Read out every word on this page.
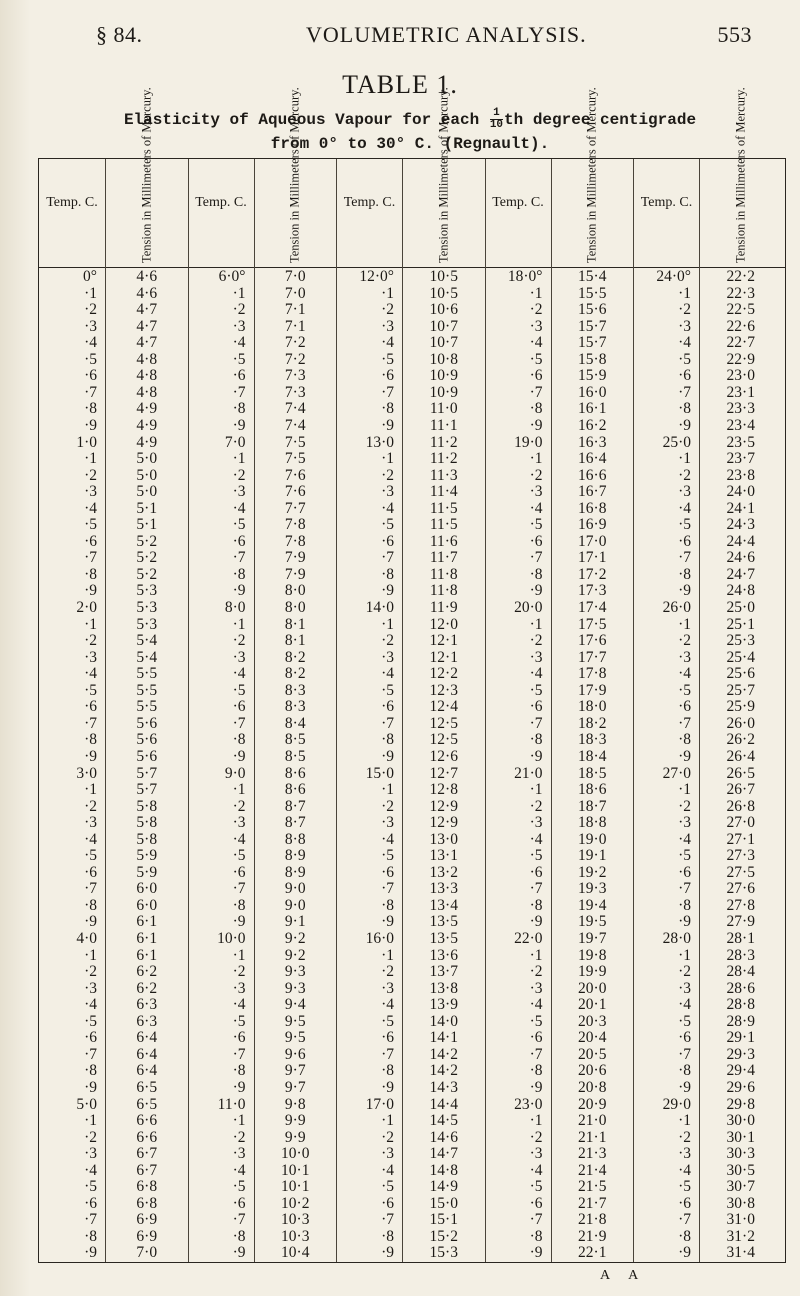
§ 84.	VOLUMETRIC ANALYSIS.	553
TABLE 1.
Elasticity of Aqueous Vapour for each $\frac{1}{10}$ th degree centigrade
from 0° to 30° C. (Regnault).
Temp. C.
0°
·1
·2
·3
·4
·5
·6
·7
·8
·9
1·0
·1
·2
·3
·4
·5
·6
·7
·8
·9
2·0
·1
·2
·3
·4
·5
·6
·7
·8
·9
3·0
·1
·2
·3
·4
·5
·6
·7
·8
·9
4·0
·1
·2
·3
·4
·5
·6
·7
·8
·9
5·0
·1
·2
·3
·4
·5
·6
·7
·8
·9
Tension in Millimeters of Mercury.
4·6
4·6
4·7
4·7
4·7
4·8
4·8
4·8
4·9
4·9
4·9
5·0
5·0
5·0
5·1
5·1
5·2
5·2
5·2
5·3
5·3
5·3
5·4
5·4
5·5
5·5
5·5
5·6
5·6
5·6
5·7
5·7
5·8
5·8
5·8
5·9
5·9
6·0
6·0
6·1
6·1
6·1
6·2
6·2
6·3
6·3
6·4
6·4
6·4
6·5
6·5
6·6
6·6
6·7
6·7
6·8
6·8
6·9
6·9
7·0
Temp. C.
6·0°
·1
·2
·3
·4
·5
·6
·7
·8
·9
7·0
·1
·2
·3
·4
·5
·6
·7
·8
·9
8·0
·1
·2
·3
·4
·5
·6
·7
·8
·9
9·0
·1
·2
·3
·4
·5
·6
·7
·8
·9
10·0
·1
·2
·3
·4
·5
·6
·7
·8
·9
11·0
·1
·2
·3
·4
·5
·6
·7
·8
·9
Tension in Millimeters of Mercury.
7·0
7·0
7·1
7·1
7·2
7·2
7·3
7·3
7·4
7·4
7·5
7·5
7·6
7·6
7·7
7·8
7·8
7·9
7·9
8·0
8·0
8·1
8·1
8·2
8·2
8·3
8·3
8·4
8·5
8·5
8·6
8·6
8·7
8·7
8·8
8·9
8·9
9·0
9·0
9·1
9·2
9·2
9·3
9·3
9·4
9·5
9·5
9·6
9·7
9·7
9·8
9·9
9·9
10·0
10·1
10·1
10·2
10·3
10·3
10·4
Temp. C.
12·0°
·1
·2
·3
·4
·5
·6
·7
·8
·9
13·0
·1
·2
·3
·4
·5
·6
·7
·8
·9
14·0
·1
·2
·3
·4
·5
·6
·7
·8
·9
15·0
·1
·2
·3
·4
·5
·6
·7
·8
·9
16·0
·1
·2
·3
·4
·5
·6
·7
·8
·9
17·0
·1
·2
·3
·4
·5
·6
·7
·8
·9
Tension in Millimeters of Mercury.
10·5
10·5
10·6
10·7
10·7
10·8
10·9
10·9
11·0
11·1
11·2
11·2
11·3
11·4
11·5
11·5
11·6
11·7
11·8
11·8
11·9
12·0
12·1
12·1
12·2
12·3
12·4
12·5
12·5
12·6
12·7
12·8
12·9
12·9
13·0
13·1
13·2
13·3
13·4
13·5
13·5
13·6
13·7
13·8
13·9
14·0
14·1
14·2
14·2
14·3
14·4
14·5
14·6
14·7
14·8
14·9
15·0
15·1
15·2
15·3
Temp. C.
18·0°
·1
·2
·3
·4
·5
·6
·7
·8
·9
19·0
·1
·2
·3
·4
·5
·6
·7
·8
·9
20·0
·1
·2
·3
·4
·5
·6
·7
·8
·9
21·0
·1
·2
·3
·4
·5
·6
·7
·8
·9
22·0
·1
·2
·3
·4
·5
·6
·7
·8
·9
23·0
·1
·2
·3
·4
·5
·6
·7
·8
·9
Tension in Millimeters of Mercury.
15·4
15·5
15·6
15·7
15·7
15·8
15·9
16·0
16·1
16·2
16·3
16·4
16·6
16·7
16·8
16·9
17·0
17·1
17·2
17·3
17·4
17·5
17·6
17·7
17·8
17·9
18·0
18·2
18·3
18·4
18·5
18·6
18·7
18·8
19·0
19·1
19·2
19·3
19·4
19·5
19·7
19·8
19·9
20·0
20·1
20·3
20·4
20·5
20·6
20·8
20·9
21·0
21·1
21·3
21·4
21·5
21·7
21·8
21·9
22·1
Temp. C.
24·0°
·1
·2
·3
·4
·5
·6
·7
·8
·9
25·0
·1
·2
·3
·4
·5
·6
·7
·8
·9
26·0
·1
·2
·3
·4
·5
·6
·7
·8
·9
27·0
·1
·2
·3
·4
·5
·6
·7
·8
·9
28·0
·1
·2
·3
·4
·5
·6
·7
·8
·9
29·0
·1
·2
·3
·4
·5
·6
·7
·8
·9
Tension in Millimeters of Mercury.
22·2
22·3
22·5
22·6
22·7
22·9
23·0
23·1
23·3
23·4
23·5
23·7
23·8
24·0
24·1
24·3
24·4
24·6
24·7
24·8
25·0
25·1
25·3
25·4
25·6
25·7
25·9
26·0
26·2
26·4
26·5
26·7
26·8
27·0
27·1
27·3
27·5
27·6
27·8
27·9
28·1
28·3
28·4
28·6
28·8
28·9
29·1
29·3
29·4
29·6
29·8
30·0
30·1
30·3
30·5
30·7
30·8
31·0
31·2
31·4
A A
